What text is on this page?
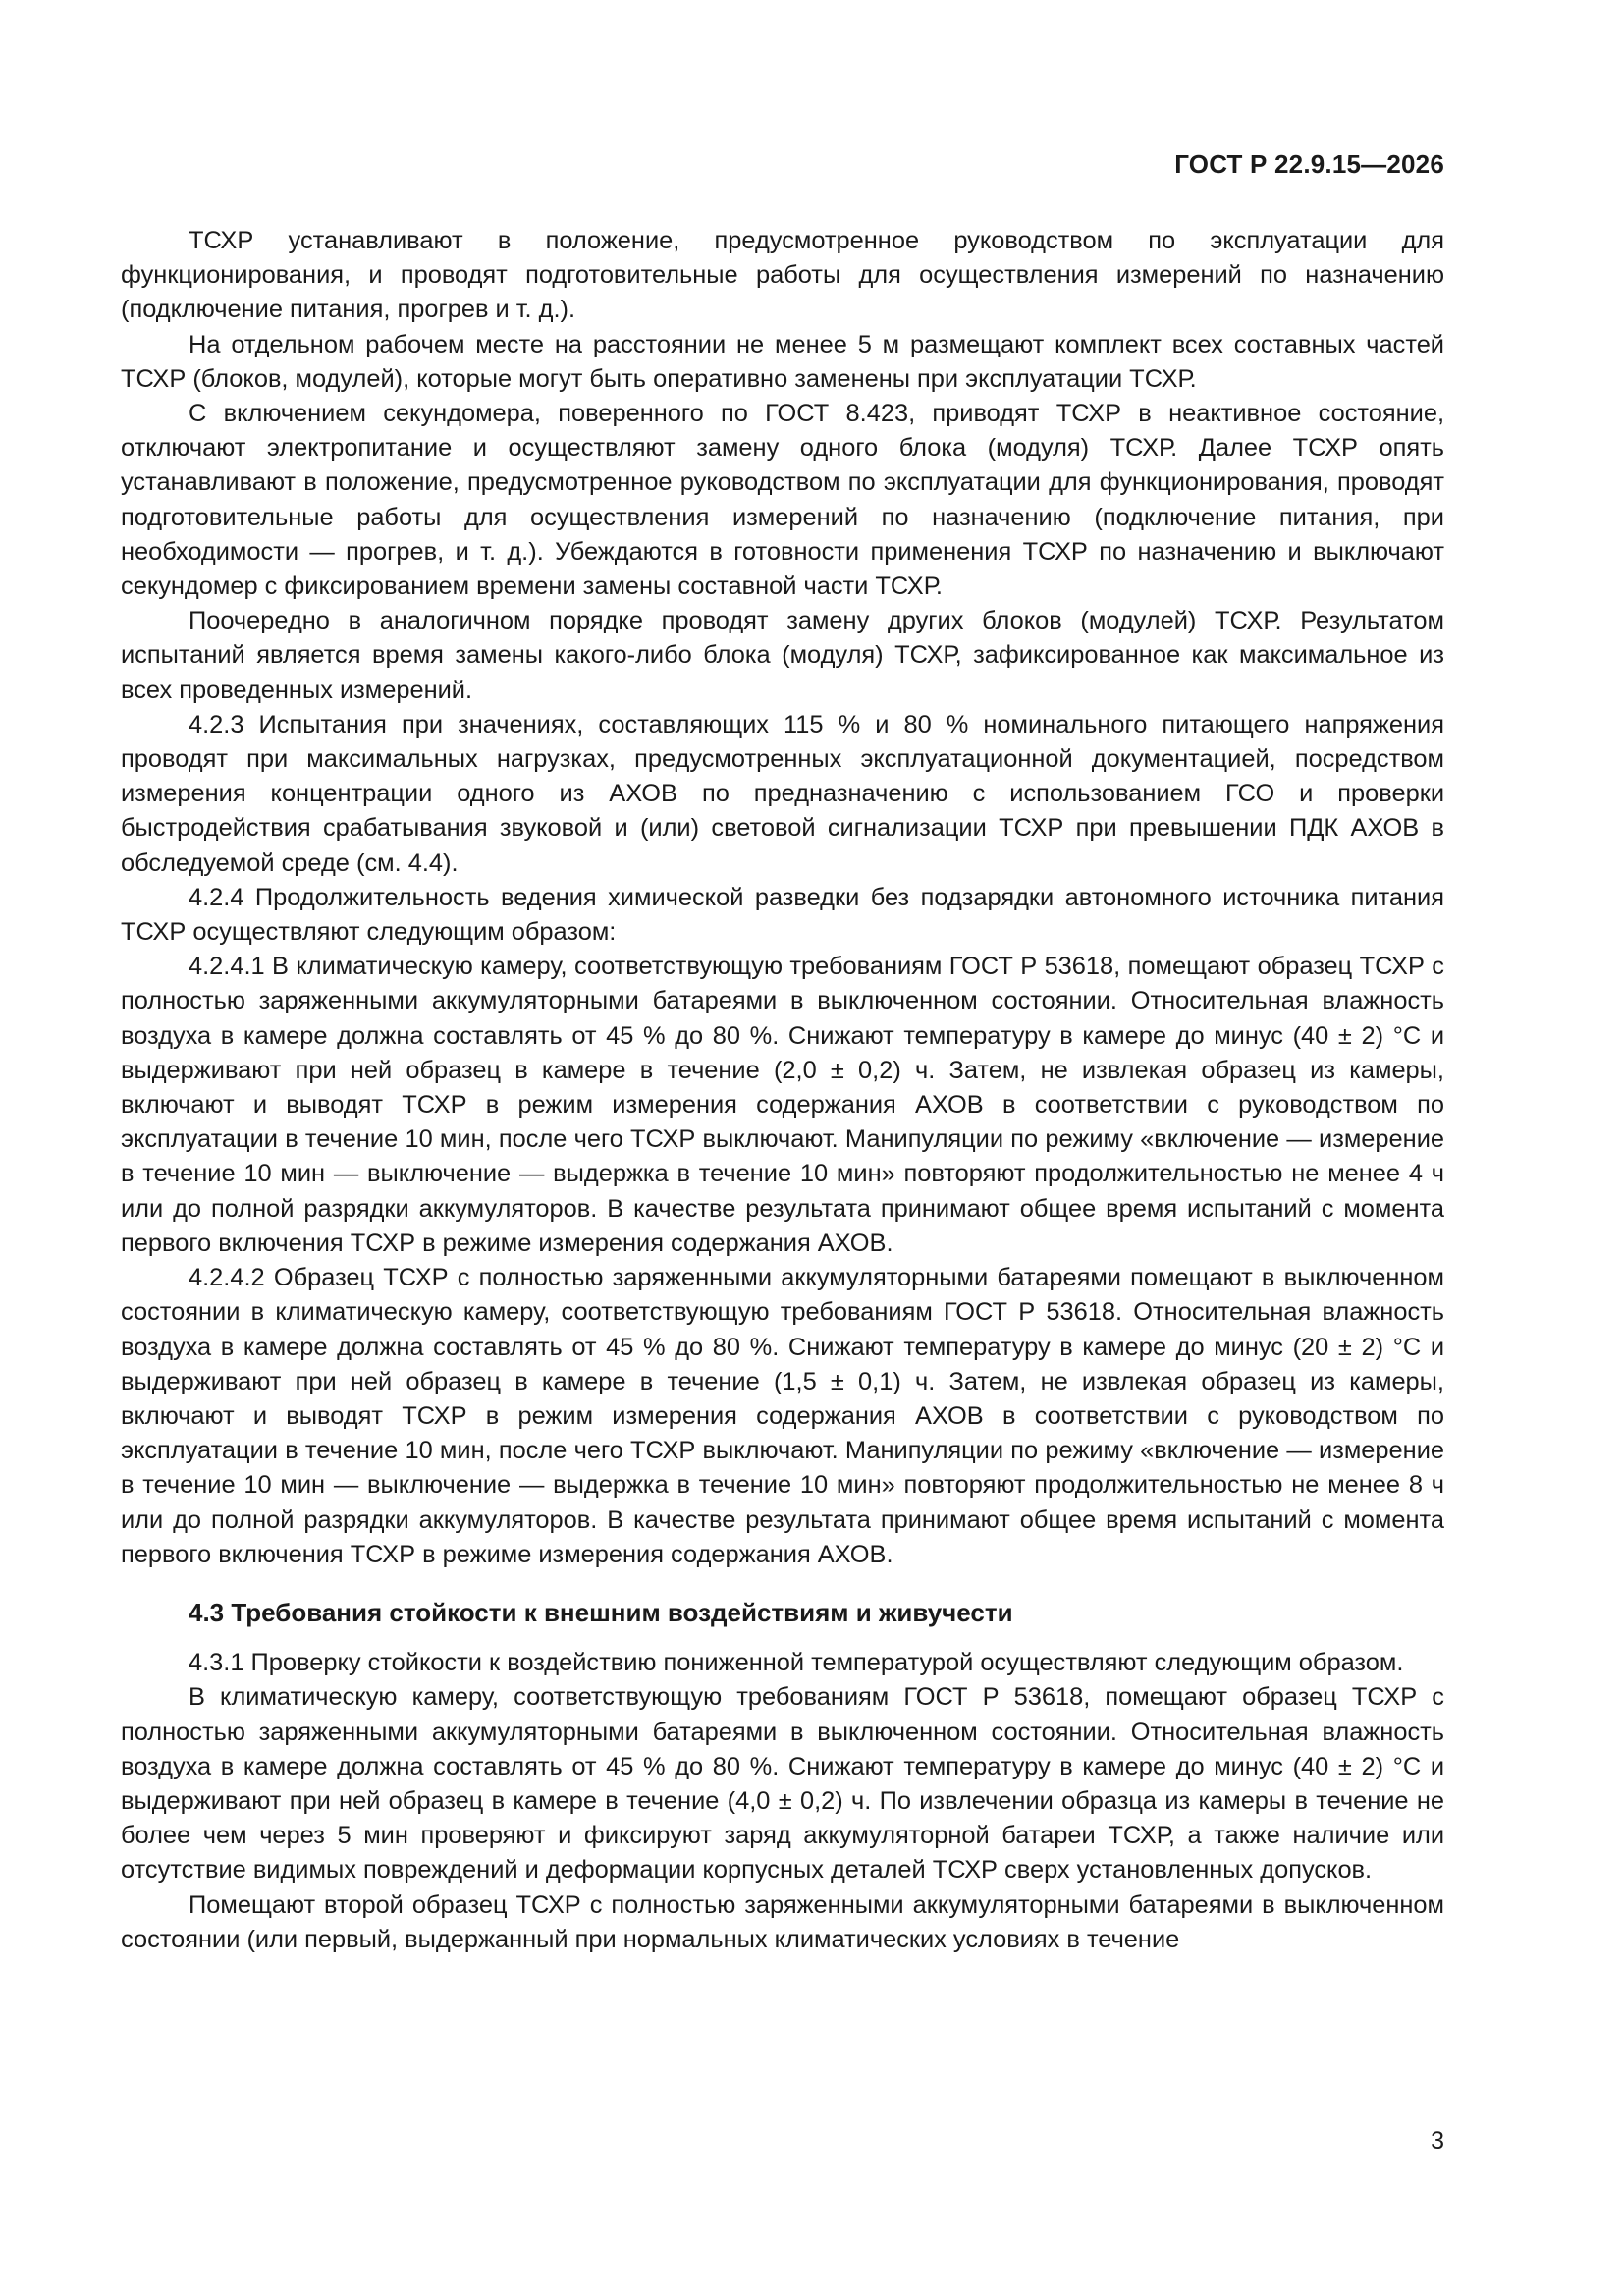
ГОСТ Р 22.9.15—2026

ТСХР устанавливают в положение, предусмотренное руководством по эксплуатации для функционирования, и проводят подготовительные работы для осуществления измерений по назначению (подключение питания, прогрев и т. д.).

На отдельном рабочем месте на расстоянии не менее 5 м размещают комплект всех составных частей ТСХР (блоков, модулей), которые могут быть оперативно заменены при эксплуатации ТСХР.

С включением секундомера, поверенного по ГОСТ 8.423, приводят ТСХР в неактивное состояние, отключают электропитание и осуществляют замену одного блока (модуля) ТСХР. Далее ТСХР опять устанавливают в положение, предусмотренное руководством по эксплуатации для функционирования, проводят подготовительные работы для осуществления измерений по назначению (подключение питания, при необходимости — прогрев, и т. д.). Убеждаются в готовности применения ТСХР по назначению и выключают секундомер с фиксированием времени замены составной части ТСХР.

Поочередно в аналогичном порядке проводят замену других блоков (модулей) ТСХР. Результатом испытаний является время замены какого-либо блока (модуля) ТСХР, зафиксированное как максимальное из всех проведенных измерений.

4.2.3 Испытания при значениях, составляющих 115 % и 80 % номинального питающего напряжения проводят при максимальных нагрузках, предусмотренных эксплуатационной документацией, посредством измерения концентрации одного из АХОВ по предназначению с использованием ГСО и проверки быстродействия срабатывания звуковой и (или) световой сигнализации ТСХР при превышении ПДК АХОВ в обследуемой среде (см. 4.4).

4.2.4 Продолжительность ведения химической разведки без подзарядки автономного источника питания ТСХР осуществляют следующим образом:

4.2.4.1 В климатическую камеру, соответствующую требованиям ГОСТ Р 53618, помещают образец ТСХР с полностью заряженными аккумуляторными батареями в выключенном состоянии. Относительная влажность воздуха в камере должна составлять от 45 % до 80 %. Снижают температуру в камере до минус (40 ± 2) °С и выдерживают при ней образец в камере в течение (2,0 ± 0,2) ч. Затем, не извлекая образец из камеры, включают и выводят ТСХР в режим измерения содержания АХОВ в соответствии с руководством по эксплуатации в течение 10 мин, после чего ТСХР выключают. Манипуляции по режиму «включение — измерение в течение 10 мин — выключение — выдержка в течение 10 мин» повторяют продолжительностью не менее 4 ч или до полной разрядки аккумуляторов. В качестве результата принимают общее время испытаний с момента первого включения ТСХР в режиме измерения содержания АХОВ.

4.2.4.2 Образец ТСХР с полностью заряженными аккумуляторными батареями помещают в выключенном состоянии в климатическую камеру, соответствующую требованиям ГОСТ Р 53618. Относительная влажность воздуха в камере должна составлять от 45 % до 80 %. Снижают температуру в камере до минус (20 ± 2) °С и выдерживают при ней образец в камере в течение (1,5 ± 0,1) ч. Затем, не извлекая образец из камеры, включают и выводят ТСХР в режим измерения содержания АХОВ в соответствии с руководством по эксплуатации в течение 10 мин, после чего ТСХР выключают. Манипуляции по режиму «включение — измерение в течение 10 мин — выключение — выдержка в течение 10 мин» повторяют продолжительностью не менее 8 ч или до полной разрядки аккумуляторов. В качестве результата принимают общее время испытаний с момента первого включения ТСХР в режиме измерения содержания АХОВ.

4.3 Требования стойкости к внешним воздействиям и живучести

4.3.1 Проверку стойкости к воздействию пониженной температурой осуществляют следующим образом.

В климатическую камеру, соответствующую требованиям ГОСТ Р 53618, помещают образец ТСХР с полностью заряженными аккумуляторными батареями в выключенном состоянии. Относительная влажность воздуха в камере должна составлять от 45 % до 80 %. Снижают температуру в камере до минус (40 ± 2) °С и выдерживают при ней образец в камере в течение (4,0 ± 0,2) ч. По извлечении образца из камеры в течение не более чем через 5 мин проверяют и фиксируют заряд аккумуляторной батареи ТСХР, а также наличие или отсутствие видимых повреждений и деформации корпусных деталей ТСХР сверх установленных допусков.

Помещают второй образец ТСХР с полностью заряженными аккумуляторными батареями в выключенном состоянии (или первый, выдержанный при нормальных климатических условиях в течение

3
